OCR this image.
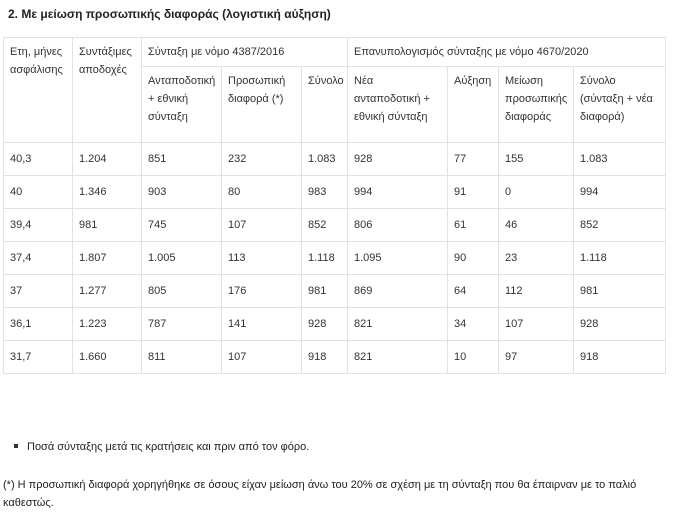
2. Με μείωση προσωπικής διαφοράς (λογιστική αύξηση)
Ετη, μήνες ασφάλισης	Συντάξιμες αποδοχές	Σύνταξη με νόμο 4387/2016			Επανυπολογισμός σύνταξης με νόμο 4670/2020			
		Ανταποδοτική + εθνική σύνταξη	Προσωπική διαφορά (*)	Σύνολο	Νέα ανταποδοτική + εθνική σύνταξη	Αύξηση	Μείωση προσωπικής διαφοράς	Σύνολο (σύνταξη + νέα διαφορά)
40,3	1.204	851	232	1.083	928	77	155	1.083
40	1.346	903	80	983	994	91	0	994
39,4	981	745	107	852	806	61	46	852
37,4	1.807	1.005	113	1.118	1.095	90	23	1.118
37	1.277	805	176	981	869	64	112	981
36,1	1.223	787	141	928	821	34	107	928
31,7	1.660	811	107	918	821	10	97	918
Ποσά σύνταξης μετά τις κρατήσεις και πριν από τον φόρο.
(*) Η προσωπική διαφορά χορηγήθηκε σε όσους είχαν μείωση άνω του 20% σε σχέση με τη σύνταξη που θα έπαιρναν με το παλιό καθεστώς.
